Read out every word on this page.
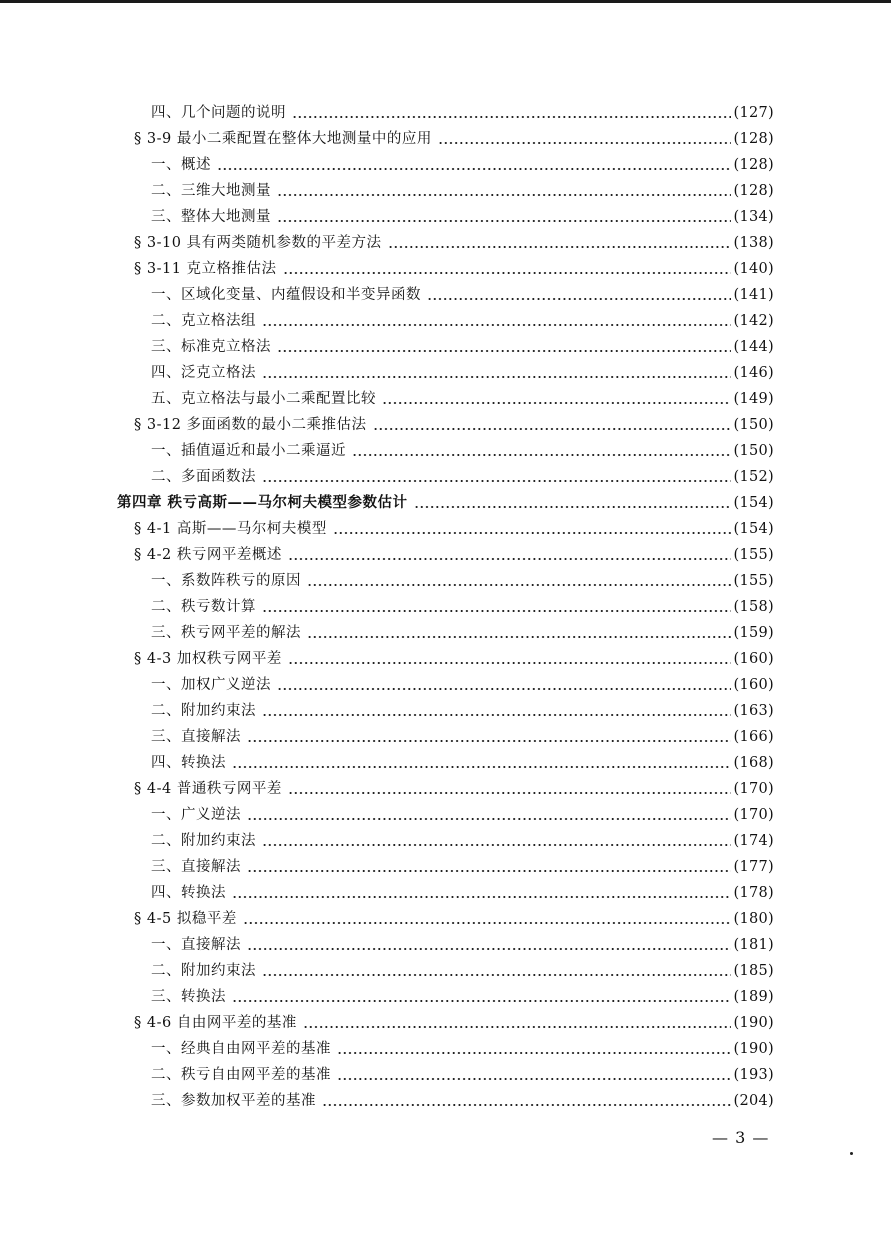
四、几个问题的说明	(127)
§ 3-9 最小二乘配置在整体大地测量中的应用	(128)
一、概述	(128)
二、三维大地测量	(128)
三、整体大地测量	(134)
§ 3-10 具有两类随机参数的平差方法	(138)
§ 3-11 克立格推估法	(140)
一、区域化变量、内蕴假设和半变异函数	(141)
二、克立格法组	(142)
三、标准克立格法	(144)
四、泛克立格法	(146)
五、克立格法与最小二乘配置比较	(149)
§ 3-12 多面函数的最小二乘推估法	(150)
一、插值逼近和最小二乘逼近	(150)
二、多面函数法	(152)
第四章 秩亏高斯——马尔柯夫模型参数估计	(154)
§ 4-1 高斯——马尔柯夫模型	(154)
§ 4-2 秩亏网平差概述	(155)
一、系数阵秩亏的原因	(155)
二、秩亏数计算	(158)
三、秩亏网平差的解法	(159)
§ 4-3 加权秩亏网平差	(160)
一、加权广义逆法	(160)
二、附加约束法	(163)
三、直接解法	(166)
四、转换法	(168)
§ 4-4 普通秩亏网平差	(170)
一、广义逆法	(170)
二、附加约束法	(174)
三、直接解法	(177)
四、转换法	(178)
§ 4-5 拟稳平差	(180)
一、直接解法	(181)
二、附加约束法	(185)
三、转换法	(189)
§ 4-6 自由网平差的基准	(190)
一、经典自由网平差的基准	(190)
二、秩亏自由网平差的基准	(193)
三、参数加权平差的基准	(204)
— 3 —
